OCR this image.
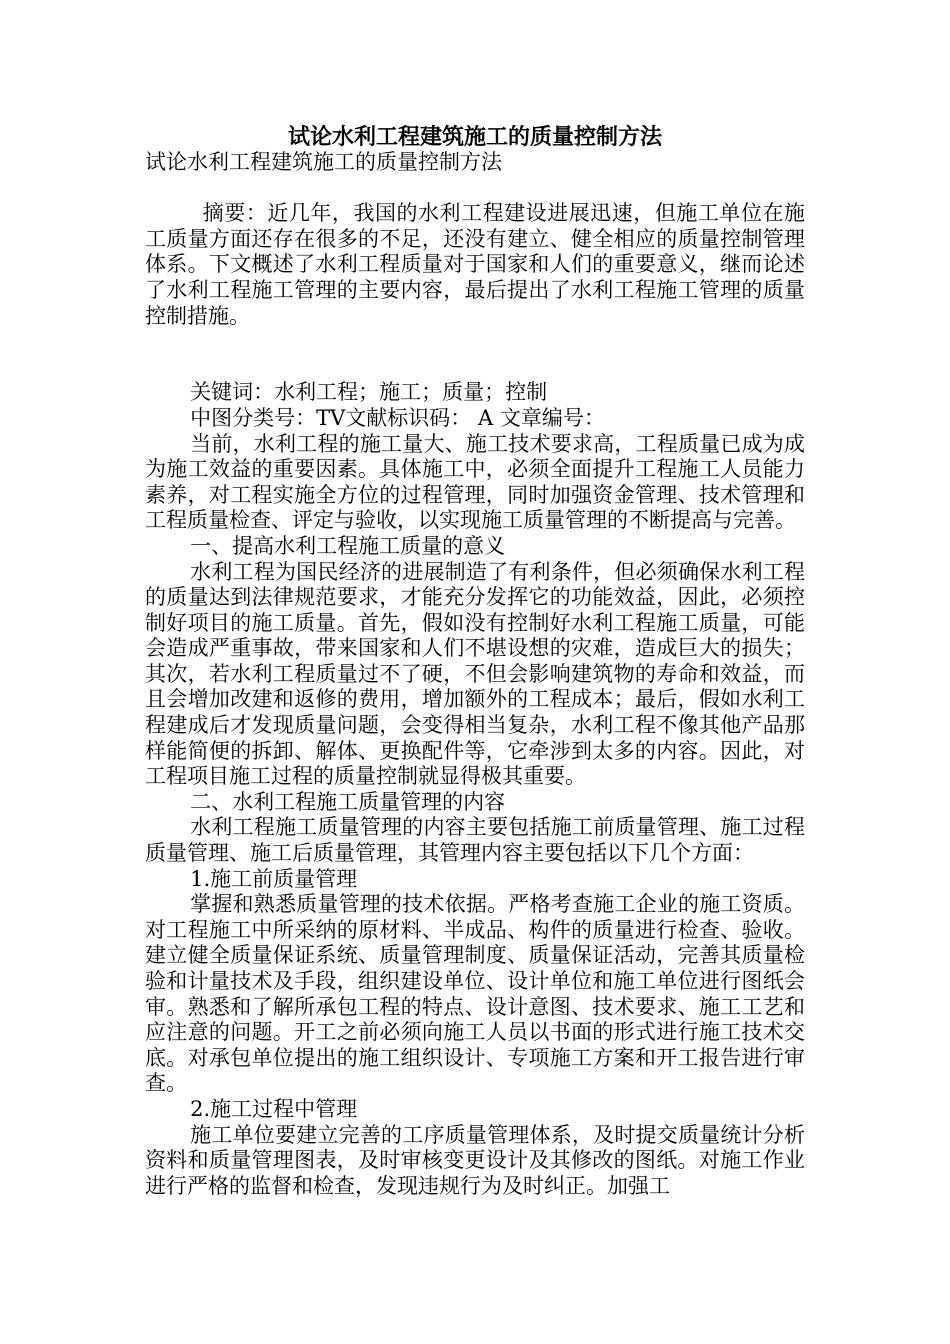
试论水利工程建筑施工的质量控制方法

试论水利工程建筑施工的质量控制方法

摘要：近几年，我国的水利工程建设进展迅速，但施工单位在施工质量方面还存在很多的不足，还没有建立、健全相应的质量控制管理体系。下文概述了水利工程质量对于国家和人们的重要意义，继而论述了水利工程施工管理的主要内容，最后提出了水利工程施工管理的质量控制措施。

关键词：水利工程；施工；质量；控制

中图分类号：TV文献标识码： A 文章编号：

当前，水利工程的施工量大、施工技术要求高，工程质量已成为成为施工效益的重要因素。具体施工中，必须全面提升工程施工人员能力素养，对工程实施全方位的过程管理，同时加强资金管理、技术管理和工程质量检查、评定与验收，以实现施工质量管理的不断提高与完善。

一、提高水利工程施工质量的意义

水利工程为国民经济的进展制造了有利条件，但必须确保水利工程的质量达到法律规范要求，才能充分发挥它的功能效益，因此，必须控制好项目的施工质量。首先，假如没有控制好水利工程施工质量，可能会造成严重事故，带来国家和人们不堪设想的灾难，造成巨大的损失；其次，若水利工程质量过不了硬，不但会影响建筑物的寿命和效益，而且会增加改建和返修的费用，增加额外的工程成本；最后，假如水利工程建成后才发现质量问题，会变得相当复杂，水利工程不像其他产品那样能简便的拆卸、解体、更换配件等，它牵涉到太多的内容。因此，对工程项目施工过程的质量控制就显得极其重要。

二、水利工程施工质量管理的内容

水利工程施工质量管理的内容主要包括施工前质量管理、施工过程质量管理、施工后质量管理，其管理内容主要包括以下几个方面：

1.施工前质量管理

掌握和熟悉质量管理的技术依据。严格考查施工企业的施工资质。对工程施工中所采纳的原材料、半成品、构件的质量进行检查、验收。建立健全质量保证系统、质量管理制度、质量保证活动，完善其质量检验和计量技术及手段，组织建设单位、设计单位和施工单位进行图纸会审。熟悉和了解所承包工程的特点、设计意图、技术要求、施工工艺和应注意的问题。开工之前必须向施工人员以书面的形式进行施工技术交底。对承包单位提出的施工组织设计、专项施工方案和开工报告进行审查。

2.施工过程中管理

施工单位要建立完善的工序质量管理体系，及时提交质量统计分析资料和质量管理图表，及时审核变更设计及其修改的图纸。对施工作业进行严格的监督和检查，发现违规行为及时纠正。加强工
